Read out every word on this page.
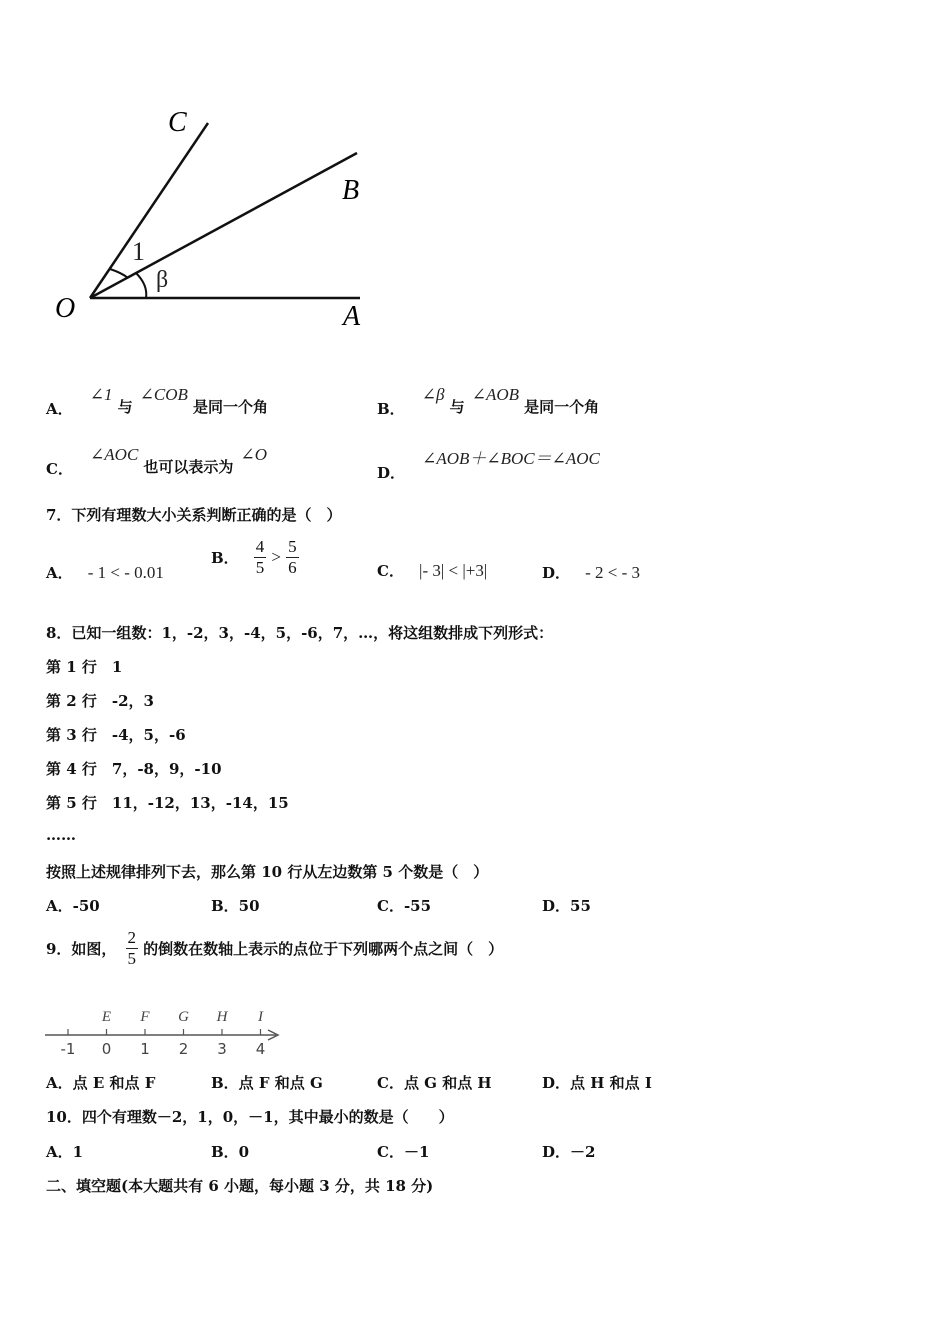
C
B
O	A
1
β
A． ∠1 与 ∠COB 是同一个角	B． ∠β 与 ∠AOB 是同一个角
C． ∠AOC 也可以表示为 ∠O
D． ∠AOB＋∠BOC＝∠AOC
7．下列有理数大小关系判断正确的是（　）
A． - 1 < - 0.01
B． $\frac{4}{5} > \frac{5}{6}$	C． |- 3| < |+3|	D． - 2 < - 3
8．已知一组数：1，-2，3，-4，5，-6，7，…，将这组数排成下列形式：
第 1 行　1
第 2 行　-2，3
第 3 行　-4，5，-6
第 4 行　7，-8，9，-10
第 5 行　11，-12，13，-14，15
……
按照上述规律排列下去，那么第 10 行从左边数第 5 个数是（　）
A．-50	B．50	C．-55	D．55
9．如图， $\frac{2}{5}$ 的倒数在数轴上表示的点位于下列哪两个点之间（　）
-1 0
E
1
F
2
G
3
H
4
I
A．点 E 和点 F	B．点 F 和点 G	C．点 G 和点 H	D．点 H 和点 I
10．四个有理数－2，1，0，－1，其中最小的数是（　　）
A．1	B．0	C．－1	D．－2
二、填空题(本大题共有 6 小题，每小题 3 分，共 18 分)
